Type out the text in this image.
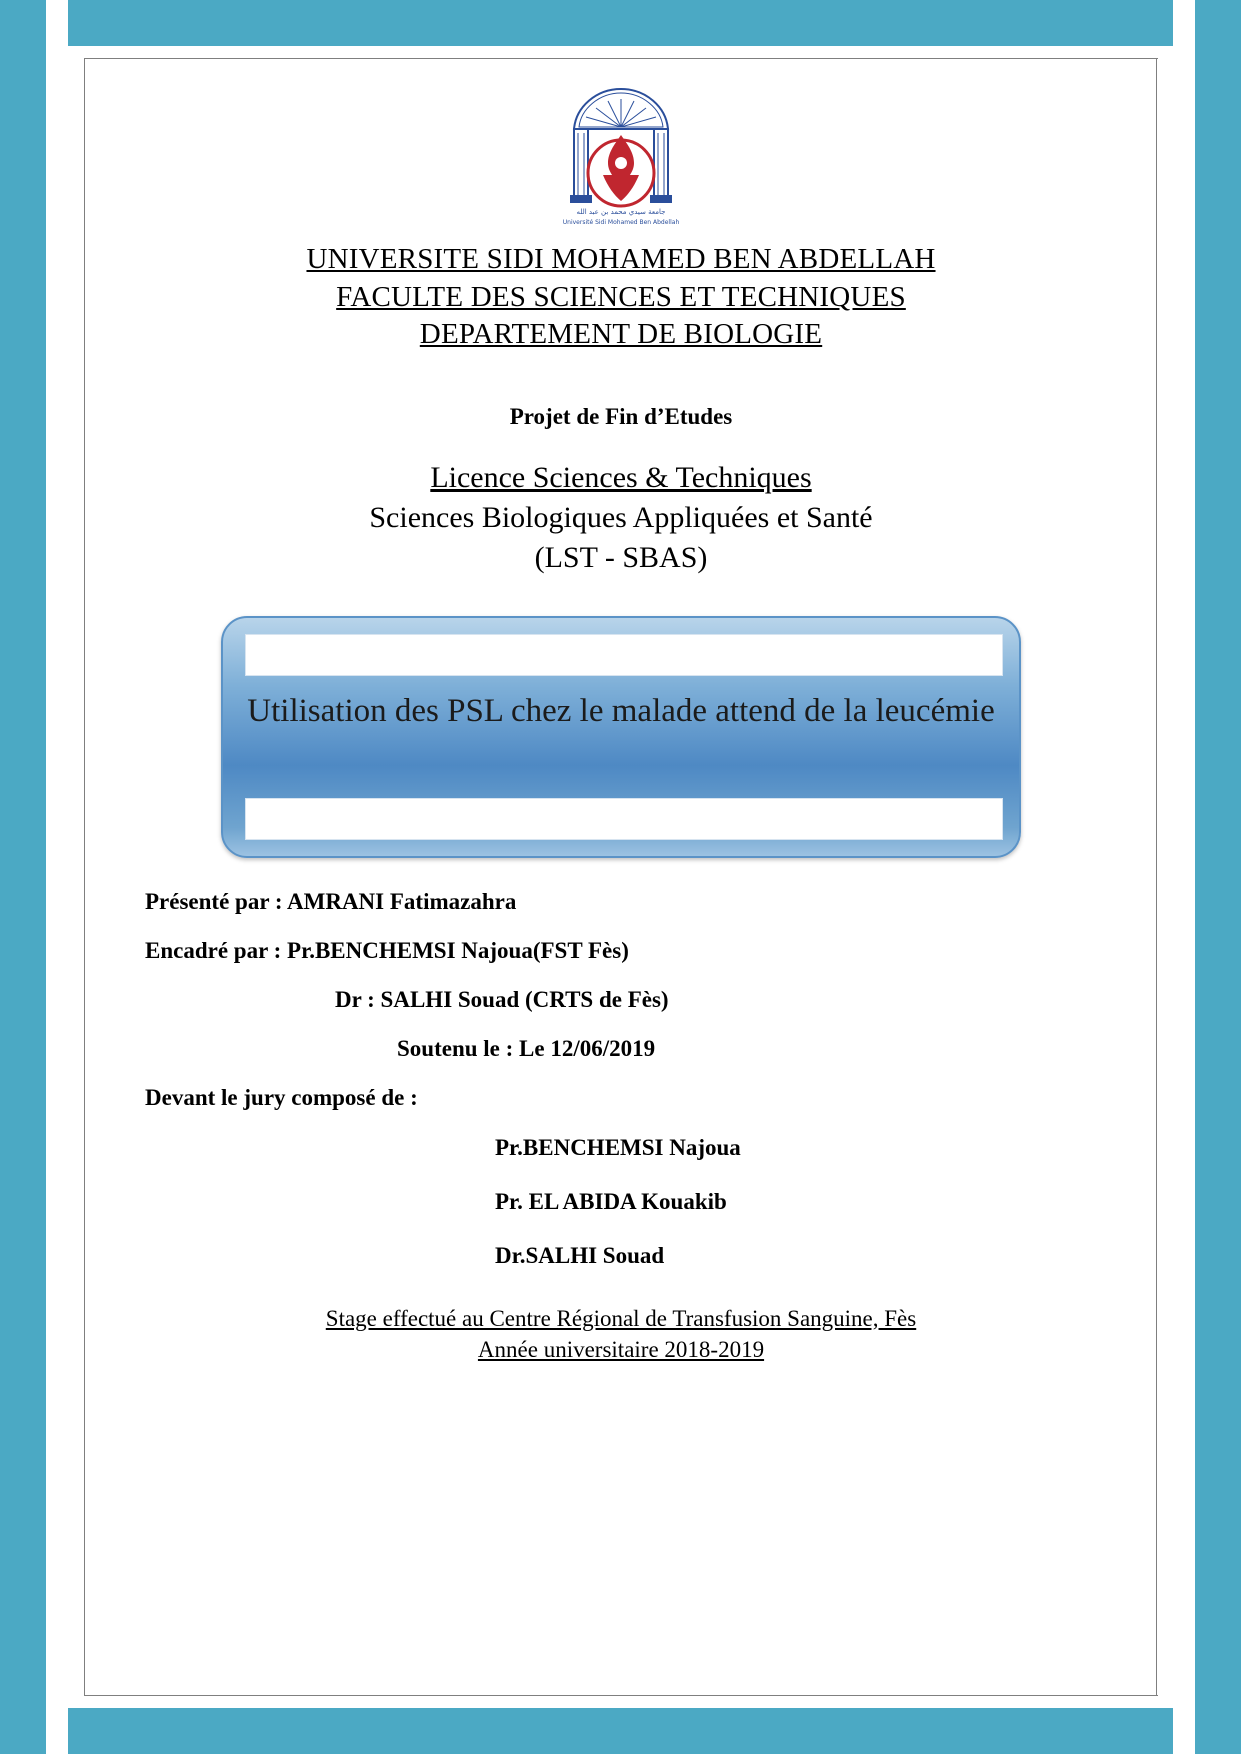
جامعة سيدي محمد بن عبد الله
Université Sidi Mohamed Ben Abdellah
UNIVERSITE SIDI MOHAMED BEN ABDELLAH
FACULTE DES SCIENCES ET TECHNIQUES
DEPARTEMENT DE BIOLOGIE
Projet de Fin d’Etudes
Licence Sciences & Techniques
Sciences Biologiques Appliquées et Santé
(LST - SBAS)
Utilisation des PSL chez le malade attend de la leucémie
Présenté par : AMRANI Fatimazahra
Encadré par : Pr.BENCHEMSI Najoua(FST Fès)
Dr : SALHI Souad (CRTS de Fès)
Soutenu le : Le 12/06/2019
Devant le jury composé de :
Pr.BENCHEMSI Najoua
Pr. EL ABIDA Kouakib
Dr.SALHI Souad
Stage effectué au Centre Régional de Transfusion Sanguine, Fès
Année universitaire 2018-2019
